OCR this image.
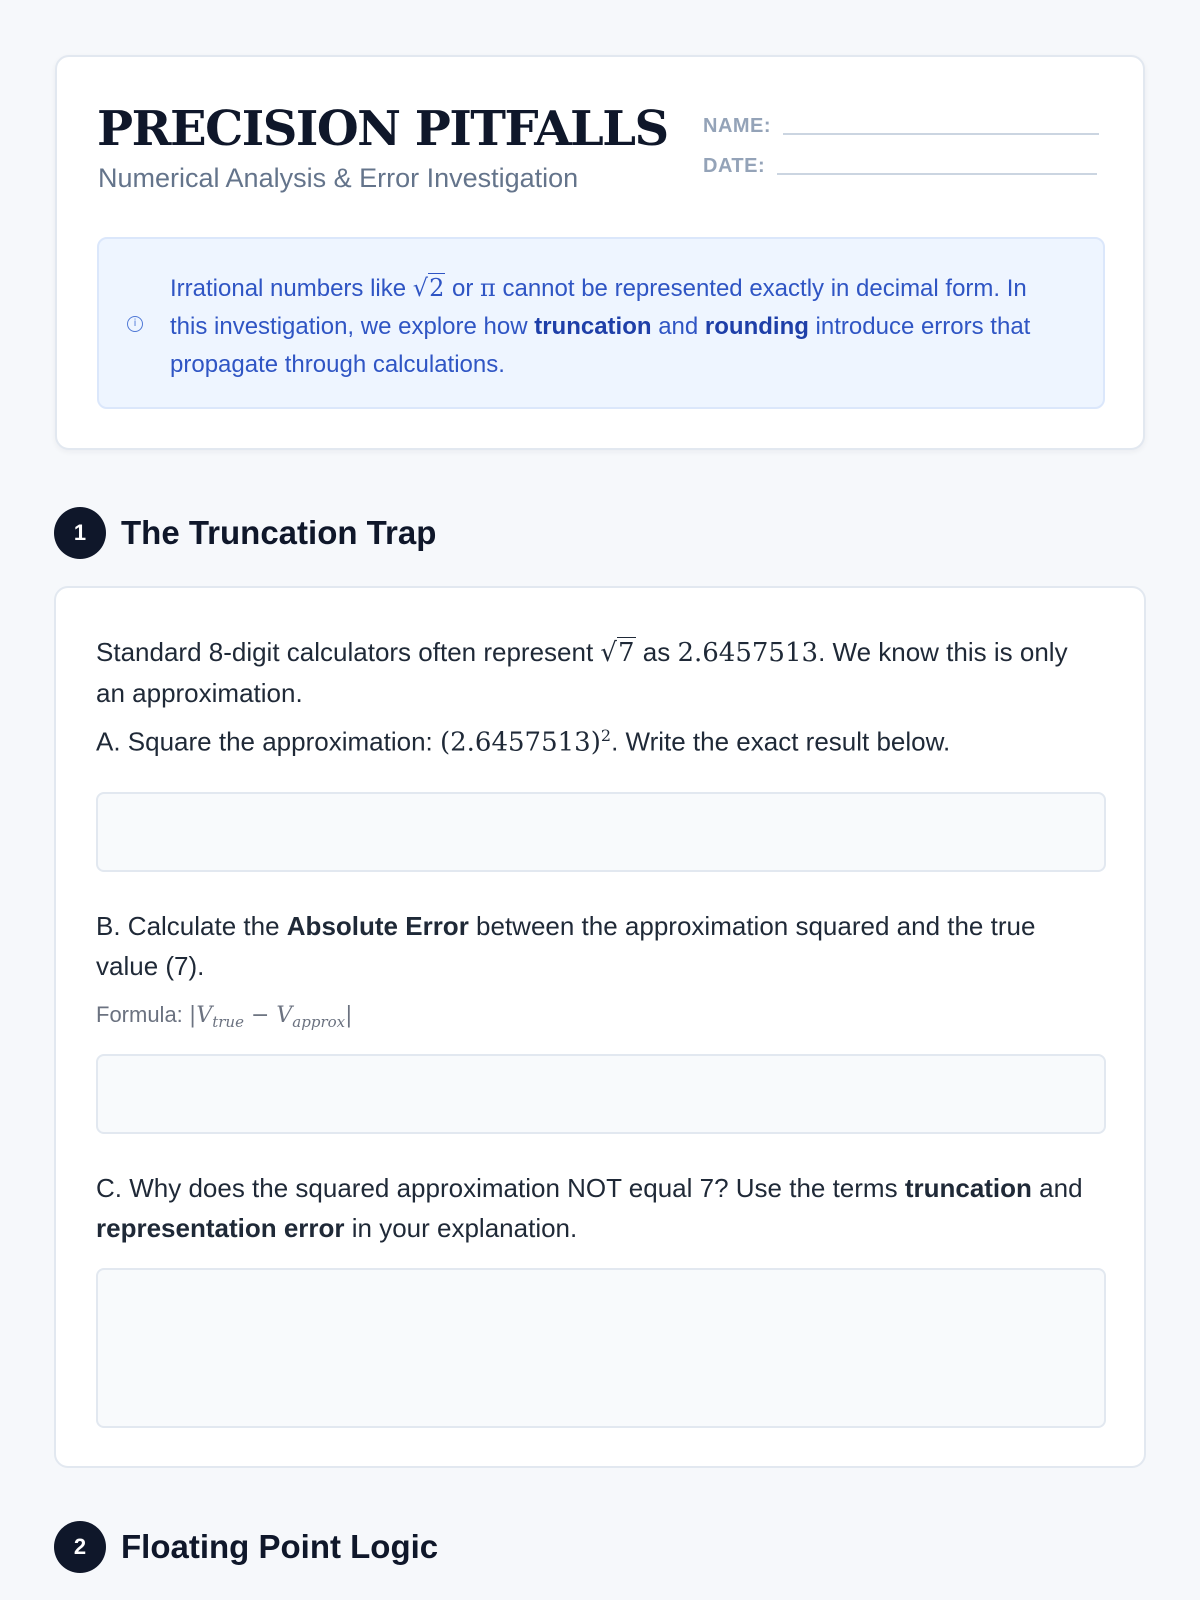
PRECISION PITFALLS
Numerical Analysis & Error Investigation
NAME:
DATE:
i
Irrational numbers like √2 or π cannot be represented exactly in decimal form. In this investigation, we explore how truncation and rounding introduce errors that propagate through calculations.
1	The Truncation Trap
Standard 8-digit calculators often represent √7 as 2.6457513. We know this is only an approximation.
A. Square the approximation: $(2.6457513)^2$. Write the exact result below.
B. Calculate the Absolute Error between the approximation squared and the true value (7).
Formula: $|V_{true} - V_{approx}|$
C. Why does the squared approximation NOT equal 7? Use the terms truncation and representation error in your explanation.
2	Floating Point Logic
